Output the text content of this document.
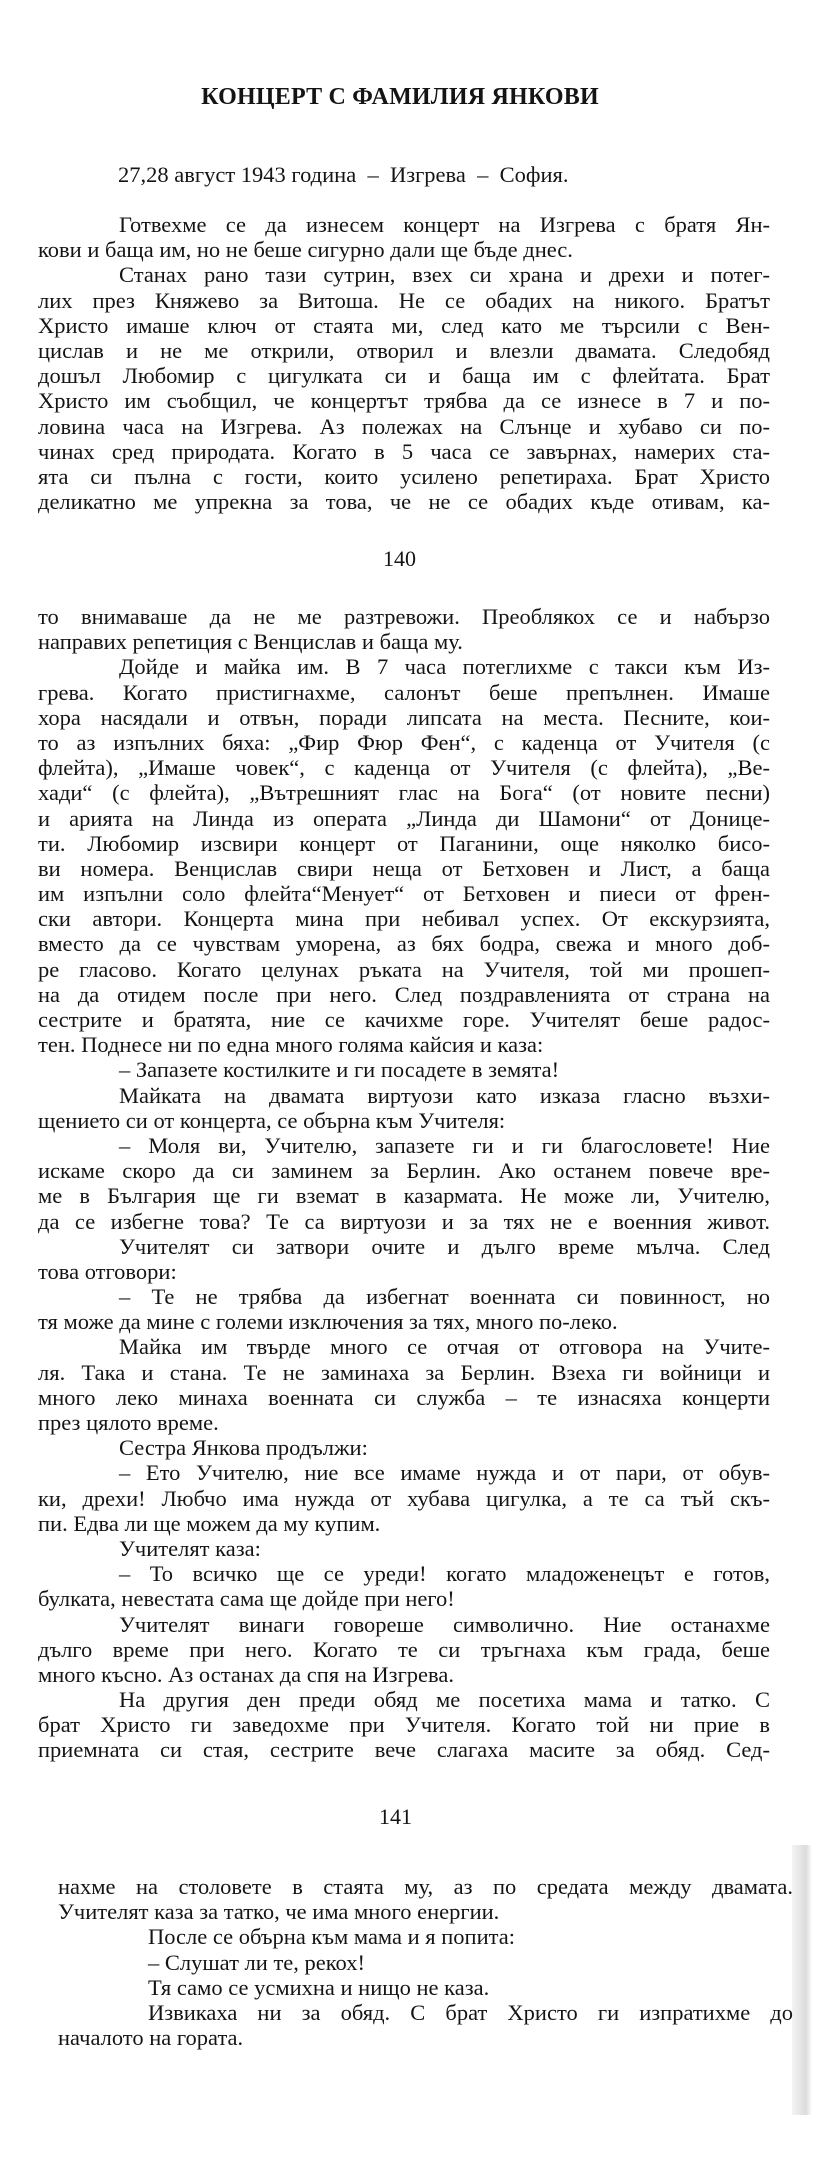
КОНЦЕРТ С ФАМИЛИЯ ЯНКОВИ
27,28 август 1943 година  –  Изгрева  –  София.
Готвехме се да изнесем концерт на Изгрева с братя Ян-
кови и баща им, но не беше сигурно дали ще бъде днес.
Станах рано тази сутрин, взех си храна и дрехи и потег-
лих през Княжево за Витоша. Не се обадих на никого. Братът
Христо имаше ключ от стаята ми, след като ме търсили с Вен-
цислав и не ме открили, отворил и влезли двамата. Следобяд
дошъл Любомир с цигулката си и баща им с флейтата. Брат
Христо им съобщил, че концертът трябва да се изнесе в 7 и по-
ловина часа на Изгрева. Аз полежах на Слънце и хубаво си по-
чинах сред природата. Когато в 5 часа се завърнах, намерих ста-
ята си пълна с гости, които усилено репетираха. Брат Христо
деликатно ме упрекна за това, че не се обадих къде отивам, ка-
140
то внимаваше да не ме разтревожи. Преоблякох се и набързо
направих репетиция с Венцислав и баща му.
Дойде и майка им. В 7 часа потеглихме с такси към Из-
грева. Когато пристигнахме, салонът беше препълнен. Имаше
хора насядали и отвън, поради липсата на места. Песните, кои-
то аз изпълних бяха: „Фир Фюр Фен“, с каденца от Учителя (с
флейта), „Имаше човек“, с каденца от Учителя (с флейта), „Ве-
хади“ (с флейта), „Вътрешният глас на Бога“ (от новите песни)
и арията на Линда из операта „Линда ди Шамони“ от Донице-
ти. Любомир изсвири концерт от Паганини, още няколко бисо-
ви номера. Венцислав свири неща от Бетховен и Лист, а баща
им изпълни соло флейта“Менует“ от Бетховен и пиеси от френ-
ски автори. Концерта мина при небивал успех. От екскурзията,
вместо да се чувствам уморена, аз бях бодра, свежа и много доб-
ре гласово. Когато целунах ръката на Учителя, той ми прошеп-
на да отидем после при него. След поздравленията от страна на
сестрите и братята, ние се качихме горе. Учителят беше радос-
тен. Поднесе ни по една много голяма кайсия и каза:
– Запазете костилките и ги посадете в земята!
Майката на двамата виртуози като изказа гласно възхи-
щението си от концерта, се обърна към Учителя:
– Моля ви, Учителю, запазете ги и ги благословете! Ние
искаме скоро да си заминем за Берлин. Ако останем повече вре-
ме в България ще ги вземат в казармата. Не може ли, Учителю,
да се избегне това? Те са виртуози и за тях не е военния живот.
Учителят си затвори очите и дълго време мълча. След
това отговори:
– Те не трябва да избегнат военната си повинност, но
тя може да мине с големи изключения за тях, много по-леко.
Майка им твърде много се отчая от отговора на Учите-
ля. Така и стана. Те не заминаха за Берлин. Взеха ги войници и
много леко минаха военната си служба – те изнасяха концерти
през цялото време.
Сестра Янкова продължи:
– Ето Учителю, ние все имаме нужда и от пари, от обув-
ки, дрехи! Любчо има нужда от хубава цигулка, а те са тъй скъ-
пи. Едва ли ще можем да му купим.
Учителят каза:
– То всичко ще се уреди! когато младоженецът е готов,
булката, невестата сама ще дойде при него!
Учителят винаги говореше символично. Ние останахме
дълго време при него. Когато те си тръгнаха към града, беше
много късно. Аз останах да спя на Изгрева.
На другия ден преди обяд ме посетиха мама и татко. С
брат Христо ги заведохме при Учителя. Когато той ни прие в
приемната си стая, сестрите вече слагаха масите за обяд. Сед-
141
нахме на столовете в стаята му, аз по средата между двамата.
Учителят каза за татко, че има много енергии.
После се обърна към мама и я попита:
– Слушат ли те, рекох!
Тя само се усмихна и нищо не каза.
Извикаха ни за обяд. С брат Христо ги изпратихме до
началото на гората.
